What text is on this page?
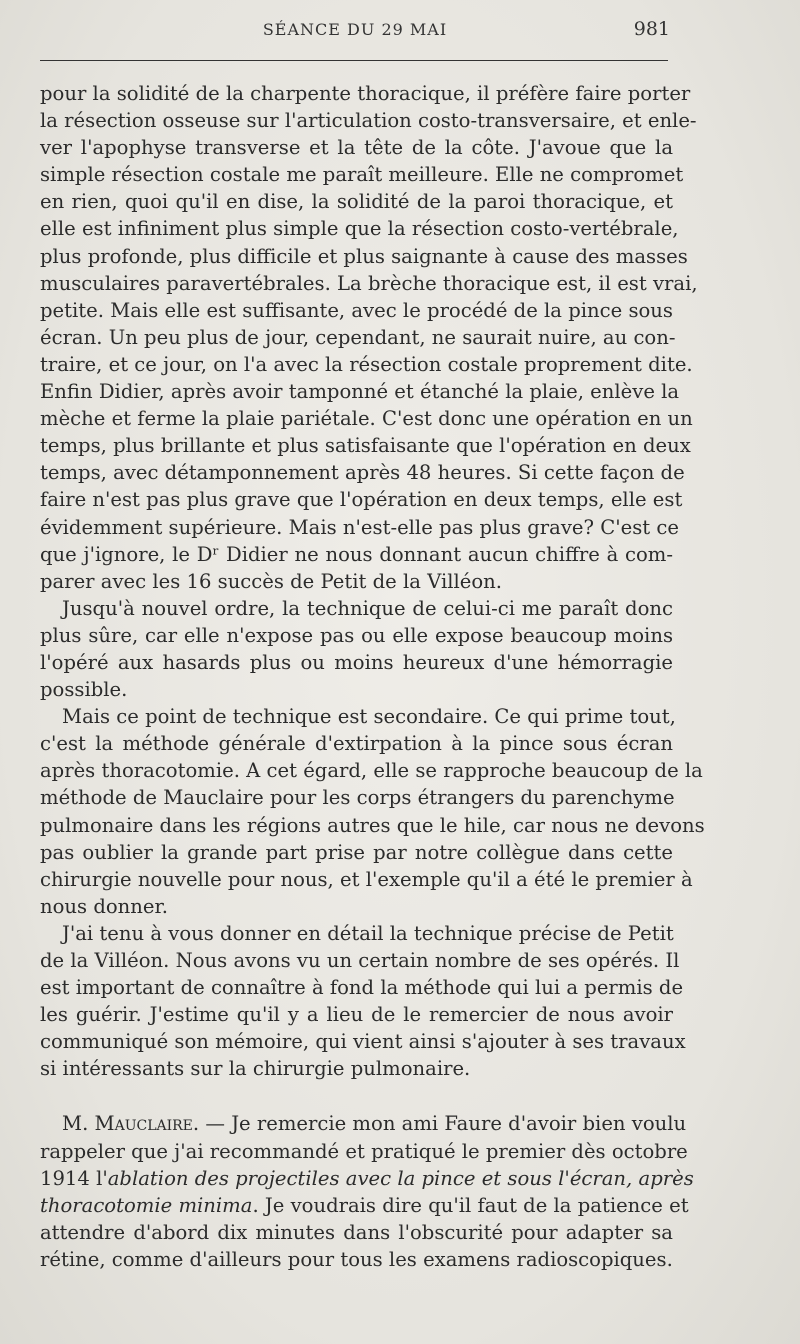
SÉANCE DU 29 MAI	981

pour la solidité de la charpente thoracique, il préfère faire porter
la résection osseuse sur l'articulation costo-transversaire, et enle-
ver l'apophyse transverse et la tête de la côte. J'avoue que la
simple résection costale me paraît meilleure. Elle ne compromet
en rien, quoi qu'il en dise, la solidité de la paroi thoracique, et
elle est infiniment plus simple que la résection costo-vertébrale,
plus profonde, plus difficile et plus saignante à cause des masses
musculaires paravertébrales. La brèche thoracique est, il est vrai,
petite. Mais elle est suffisante, avec le procédé de la pince sous
écran. Un peu plus de jour, cependant, ne saurait nuire, au con-
traire, et ce jour, on l'a avec la résection costale proprement dite.
Enfin Didier, après avoir tamponné et étanché la plaie, enlève la
mèche et ferme la plaie pariétale. C'est donc une opération en un
temps, plus brillante et plus satisfaisante que l'opération en deux
temps, avec détamponnement après 48 heures. Si cette façon de
faire n'est pas plus grave que l'opération en deux temps, elle est
évidemment supérieure. Mais n'est-elle pas plus grave? C'est ce
que j'ignore, le Dʳ Didier ne nous donnant aucun chiffre à com-
parer avec les 16 succès de Petit de la Villéon.

Jusqu'à nouvel ordre, la technique de celui-ci me paraît donc
plus sûre, car elle n'expose pas ou elle expose beaucoup moins
l'opéré aux hasards plus ou moins heureux d'une hémorragie
possible.

Mais ce point de technique est secondaire. Ce qui prime tout,
c'est la méthode générale d'extirpation à la pince sous écran
après thoracotomie. A cet égard, elle se rapproche beaucoup de la
méthode de Mauclaire pour les corps étrangers du parenchyme
pulmonaire dans les régions autres que le hile, car nous ne devons
pas oublier la grande part prise par notre collègue dans cette
chirurgie nouvelle pour nous, et l'exemple qu'il a été le premier à
nous donner.

J'ai tenu à vous donner en détail la technique précise de Petit
de la Villéon. Nous avons vu un certain nombre de ses opérés. Il
est important de connaître à fond la méthode qui lui a permis de
les guérir. J'estime qu'il y a lieu de le remercier de nous avoir
communiqué son mémoire, qui vient ainsi s'ajouter à ses travaux
si intéressants sur la chirurgie pulmonaire.

M. Mauclaire. — Je remercie mon ami Faure d'avoir bien voulu
rappeler que j'ai recommandé et pratiqué le premier dès octobre
1914 l'ablation des projectiles avec la pince et sous l'écran, après
thoracotomie minima. Je voudrais dire qu'il faut de la patience et
attendre d'abord dix minutes dans l'obscurité pour adapter sa
rétine, comme d'ailleurs pour tous les examens radioscopiques.
